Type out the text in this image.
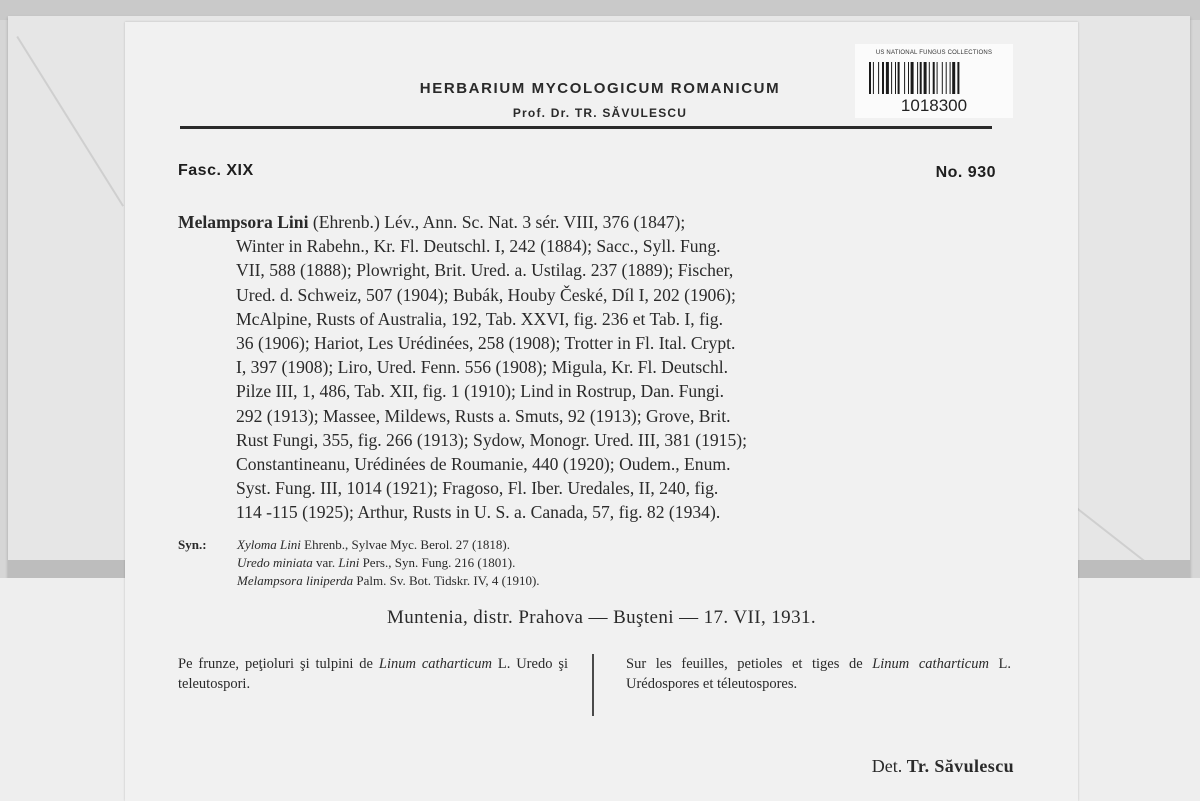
US NATIONAL FUNGUS COLLECTIONS
1018300
HERBARIUM MYCOLOGICUM ROMANICUM
Prof. Dr. TR. SĂVULESCU
Fasc. XIX	No. 930
Melampsora Lini (Ehrenb.) Lév., Ann. Sc. Nat. 3 sér. VIII, 376 (1847);
Winter in Rabehn., Kr. Fl. Deutschl. I, 242 (1884); Sacc., Syll. Fung.
VII, 588 (1888); Plowright, Brit. Ured. a. Ustilag. 237 (1889); Fischer,
Ured. d. Schweiz, 507 (1904); Bubák, Houby České, Díl I, 202 (1906);
McAlpine, Rusts of Australia, 192, Tab. XXVI, fig. 236 et Tab. I, fig.
36 (1906); Hariot, Les Urédinées, 258 (1908); Trotter in Fl. Ital. Crypt.
I, 397 (1908); Liro, Ured. Fenn. 556 (1908); Migula, Kr. Fl. Deutschl.
Pilze III, 1, 486, Tab. XII, fig. 1 (1910); Lind in Rostrup, Dan. Fungi.
292 (1913); Massee, Mildews, Rusts a. Smuts, 92 (1913); Grove, Brit.
Rust Fungi, 355, fig. 266 (1913); Sydow, Monogr. Ured. III, 381 (1915);
Constantineanu, Urédinées de Roumanie, 440 (1920); Oudem., Enum.
Syst. Fung. III, 1014 (1921); Fragoso, Fl. Iber. Uredales, II, 240, fig.
114 -115 (1925); Arthur, Rusts in U. S. a. Canada, 57, fig. 82 (1934).
Syn.: Xyloma Lini Ehrenb., Sylvae Myc. Berol. 27 (1818).
Uredo miniata var. Lini Pers., Syn. Fung. 216 (1801).
Melampsora liniperda Palm. Sv. Bot. Tidskr. IV, 4 (1910).
Muntenia, distr. Prahova — Buşteni — 17. VII, 1931.
Pe frunze, peţioluri şi tulpini de Linum catharticum L. Uredo şi teleutospori.
Sur les feuilles, petioles et tiges de Linum catharticum L. Urédospores et téleutospores.
Det. Tr. Săvulescu
